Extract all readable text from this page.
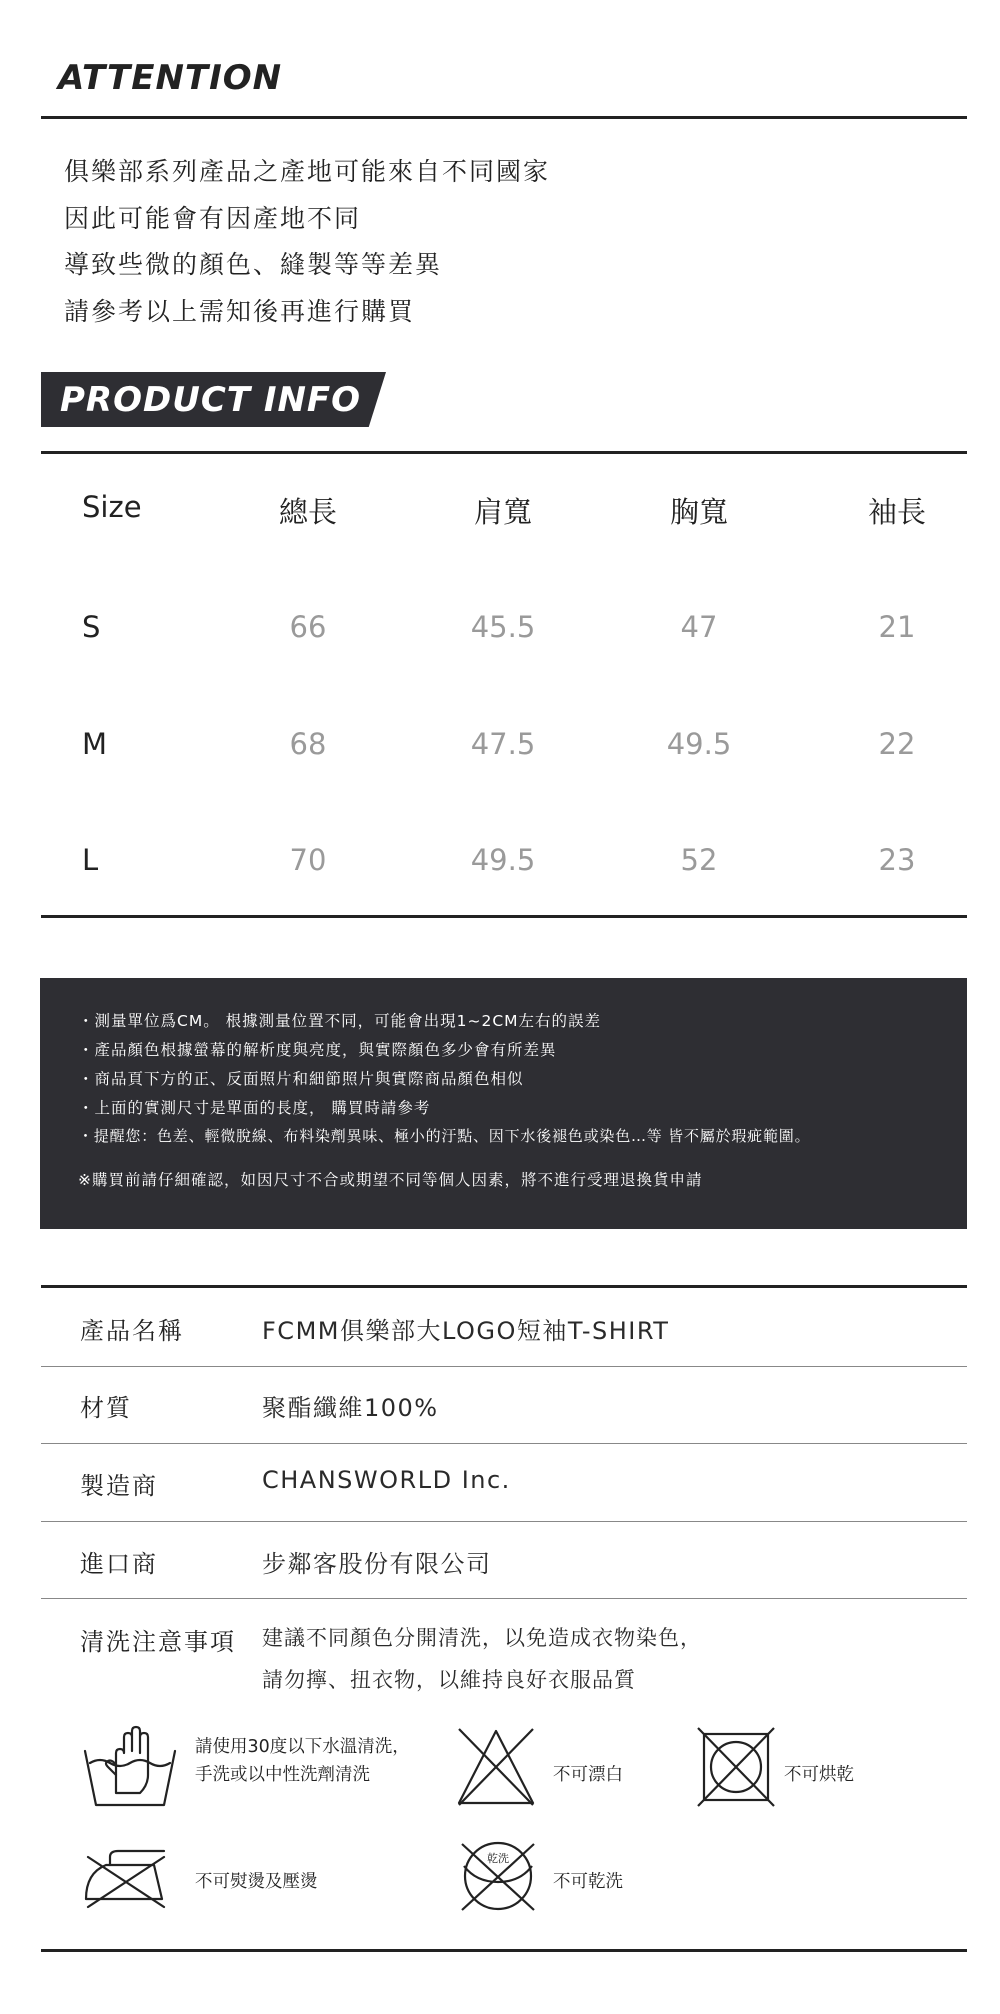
ATTENTION
俱樂部系列產品之產地可能來自不同國家
因此可能會有因產地不同
導致些微的顏色、縫製等等差異
請參考以上需知後再進行購買
PRODUCT INFO
Size	總長	肩寬	胸寬	袖長
S	66	45.5	47	21
M	68	47.5	49.5	22
L	70	49.5	52	23
・測量單位爲CM。 根據測量位置不同，可能會出現1~2CM左右的誤差
・產品顏色根據螢幕的解析度與亮度，與實際顏色多少會有所差異
・商品頁下方的正、反面照片和細節照片與實際商品顏色相似
・上面的實測尺寸是單面的長度， 購買時請參考
・提醒您：色差、輕微脫線、布料染劑異味、極小的汙點、因下水後褪色或染色…等 皆不屬於瑕疵範圍。
※購買前請仔細確認，如因尺寸不合或期望不同等個人因素，將不進行受理退換貨申請
產品名稱	FCMM俱樂部大LOGO短袖T-SHIRT
材質	聚酯纖維100%
製造商	CHANSWORLD Inc.
進口商	步鄰客股份有限公司
清洗注意事項 建議不同顏色分開清洗，以免造成衣物染色，
請勿擰、扭衣物，以維持良好衣服品質
請使用30度以下水溫清洗，
手洗或以中性洗劑清洗	不可漂白	不可烘乾
不可熨燙及壓燙
乾洗
不可乾洗
